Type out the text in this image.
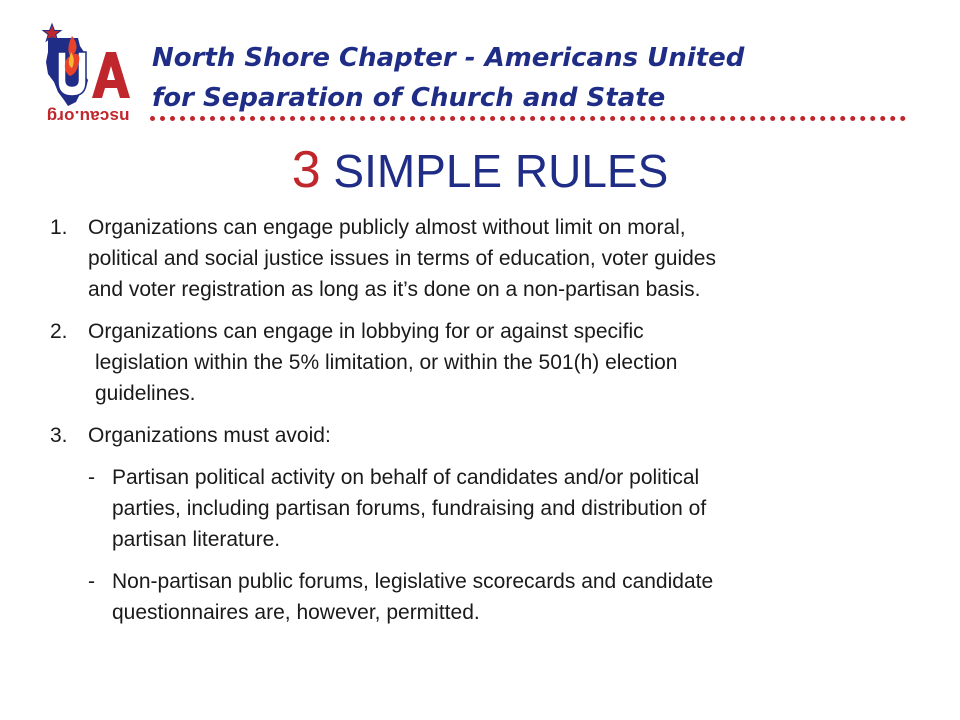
nscau.org
North Shore Chapter - Americans United
for Separation of Church and State
3 SIMPLE RULES
1. Organizations can engage publicly almost without limit on moral,
political and social justice issues in terms of education, voter guides
and voter registration as long as it’s done on a non-partisan basis.
2. Organizations can engage in lobbying for or against specific
legislation within the 5% limitation, or within the 501(h) election
guidelines.
3. Organizations must avoid:
- Partisan political activity on behalf of candidates and/or political
parties, including partisan forums, fundraising and distribution of
partisan literature.
- Non-partisan public forums, legislative scorecards and candidate
questionnaires are, however, permitted.
